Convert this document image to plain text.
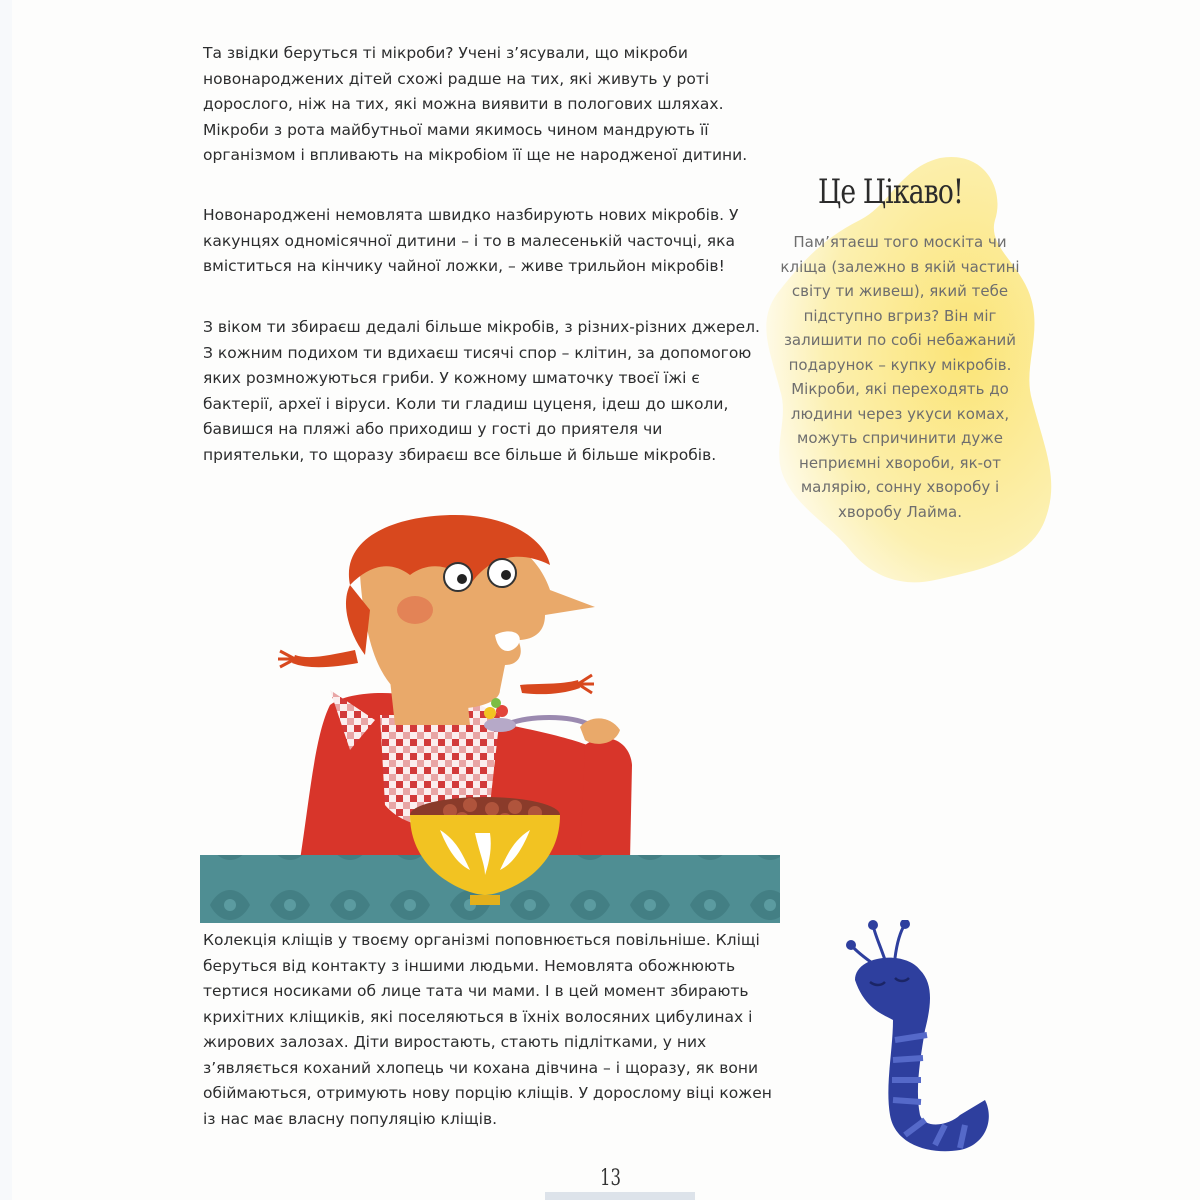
Та звідки беруться ті мікроби? Учені з’ясували, що мікроби новонароджених дітей схожі радше на тих, які живуть у роті дорослого, ніж на тих, які можна виявити в пологових шляхах. Мікроби з рота майбутньої мами якимось чином мандрують її організмом і впливають на мікробіом її ще не народженої дитини.

Новонароджені немовлята швидко назбирують нових мікробів. У какунцях одномісячної дитини – і то в малесенькій часточці, яка вміститься на кінчику чайної ложки, – живе трильйон мікробів!

З віком ти збираєш дедалі більше мікробів, з різних-різних джерел. З кожним подихом ти вдихаєш тисячі спор – клітин, за допомогою яких розмножуються гриби. У кожному шматочку твоєї їжі є бактерії, археї і віруси. Коли ти гладиш цуценя, ідеш до школи, бавишся на пляжі або приходиш у гості до приятеля чи приятельки, то щоразу збираєш все більше й більше мікробів.

Це Цікаво!

Пам’ятаєш того москіта чи кліща (залежно в якій частині світу ти живеш), який тебе підступно вгриз? Він міг залишити по собі небажаний подарунок – купку мікробів. Мікроби, які переходять до людини через укуси комах, можуть спричинити дуже неприємні хвороби, як-от малярію, сонну хворобу і хворобу Лайма.

Колекція кліщів у твоєму організмі поповнюється повільніше. Кліщі беруться від контакту з іншими людьми. Немовлята обожнюють тертися носиками об лице тата чи мами. І в цей момент збирають крихітних кліщиків, які поселяються в їхніх волосяних цибулинах і жирових залозах. Діти виростають, стають підлітками, у них з’являється коханий хлопець чи кохана дівчина – і щоразу, як вони обіймаються, отримують нову порцію кліщів. У дорослому віці кожен із нас має власну популяцію кліщів.

13
